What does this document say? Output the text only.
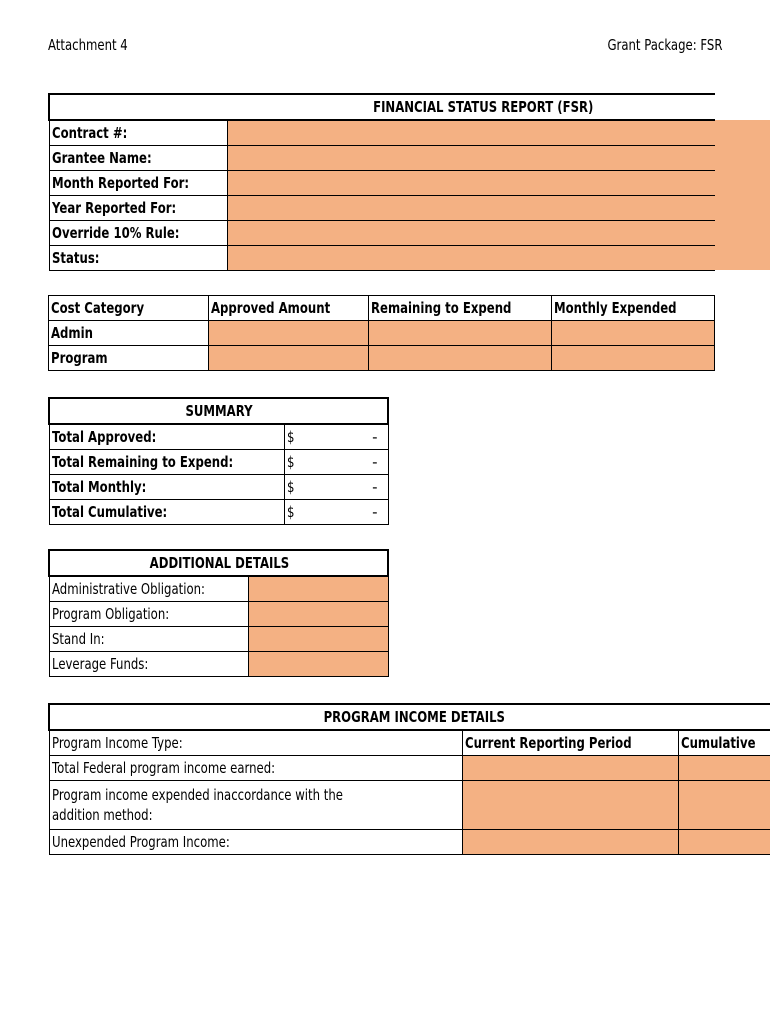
Attachment 4	Grant Package: FSR
FINANCIAL STATUS REPORT (FSR)	
Contract #:	
Grantee Name:	
Month Reported For:	
Year Reported For:	
Override 10% Rule:	
Status:	
Cost Category	Approved Amount	Remaining to Expend	Monthly Expended
Admin			
Program			
SUMMARY	
Total Approved:	$ -

Total Remaining to Expend:	$ -

Total Monthly:	$ -

Total Cumulative:	$ -
ADDITIONAL DETAILS	
Administrative Obligation:	
Program Obligation:	
Stand In:	
Leverage Funds:	
PROGRAM INCOME DETAILS		
Program Income Type:	Current Reporting Period	Cumulative
Total Federal program income earned:		
Program income expended inaccordance with the addition method:		
Unexpended Program Income:		
